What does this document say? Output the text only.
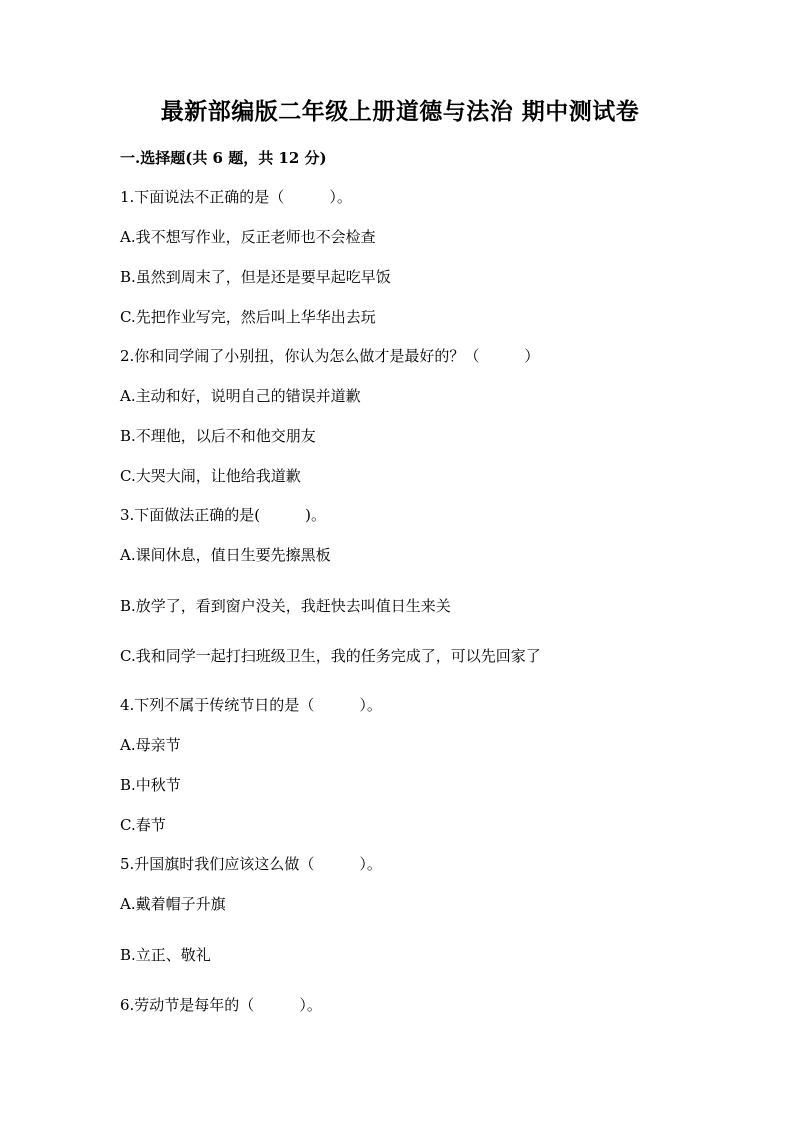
最新部编版二年级上册道德与法治 期中测试卷
一.选择题(共 6 题，共 12 分)
1.下面说法不正确的是（　　　）。
A.我不想写作业，反正老师也不会检查
B.虽然到周末了，但是还是要早起吃早饭
C.先把作业写完，然后叫上华华出去玩
2.你和同学闹了小别扭，你认为怎么做才是最好的？（　　　）
A.主动和好，说明自己的错误并道歉
B.不理他，以后不和他交朋友
C.大哭大闹，让他给我道歉
3.下面做法正确的是(　　　)。
A.课间休息，值日生要先擦黑板
B.放学了，看到窗户没关，我赶快去叫值日生来关
C.我和同学一起打扫班级卫生，我的任务完成了，可以先回家了
4.下列不属于传统节日的是（　　　）。
A.母亲节
B.中秋节
C.春节
5.升国旗时我们应该这么做（　　　）。
A.戴着帽子升旗
B.立正、敬礼
6.劳动节是每年的（　　　）。
